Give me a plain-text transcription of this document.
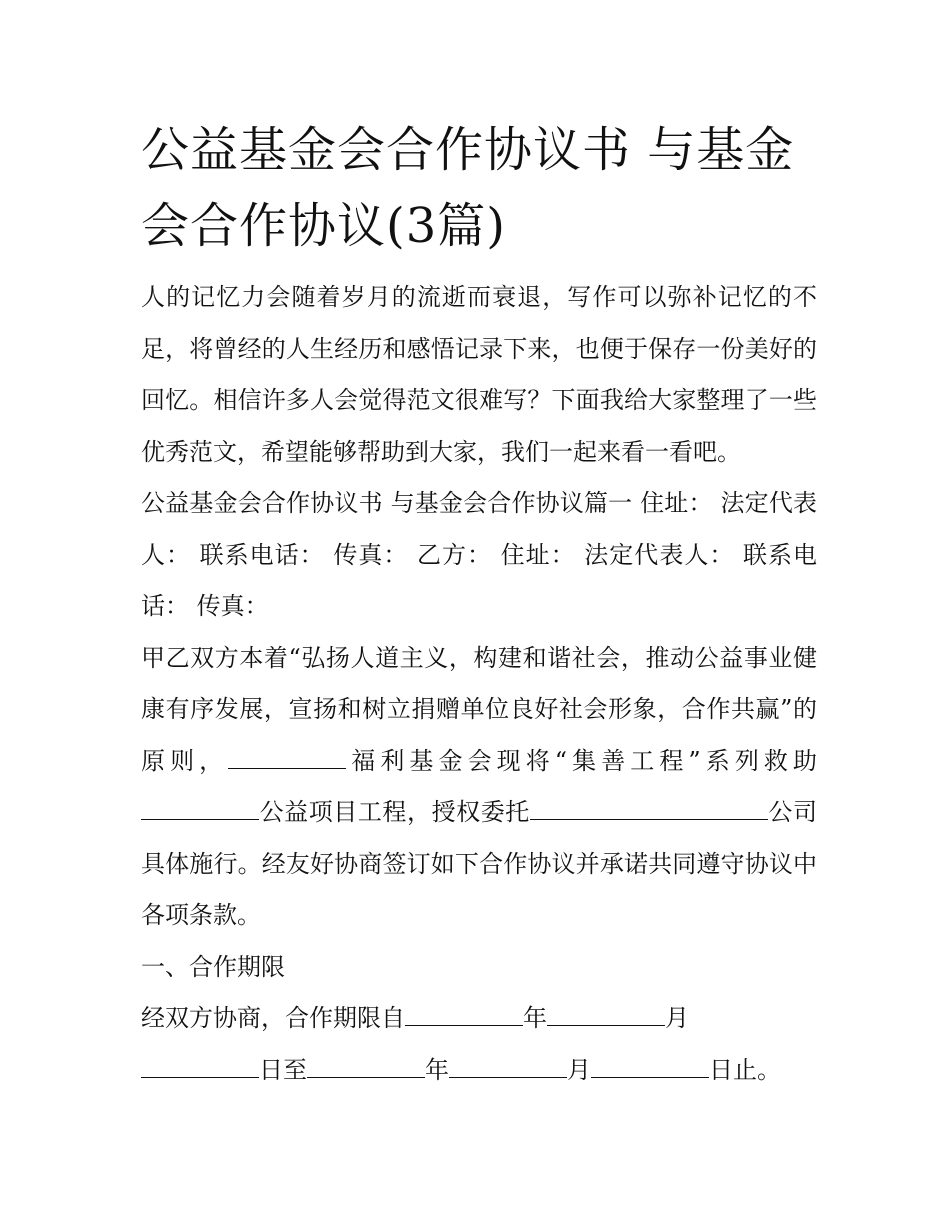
公益基金会合作协议书 与基金会合作协议(3篇)

人的记忆力会随着岁月的流逝而衰退，写作可以弥补记忆的不足，将曾经的人生经历和感悟记录下来，也便于保存一份美好的回忆。相信许多人会觉得范文很难写？下面我给大家整理了一些优秀范文，希望能够帮助到大家，我们一起来看一看吧。

公益基金会合作协议书 与基金会合作协议篇一 住址： 法定代表人： 联系电话： 传真： 乙方： 住址： 法定代表人： 联系电话： 传真：

甲乙双方本着“弘扬人道主义，构建和谐社会，推动公益事业健康有序发展，宣扬和树立捐赠单位良好社会形象，合作共赢”的原则，	福利基金会现将“集善工程”系列救助公益项目工程，授权委托	公司具体施行。经友好协商签订如下合作协议并承诺共同遵守协议中各项条款。

一、合作期限

经双方协商，合作期限自	年	月
日至	年	月	日止。
